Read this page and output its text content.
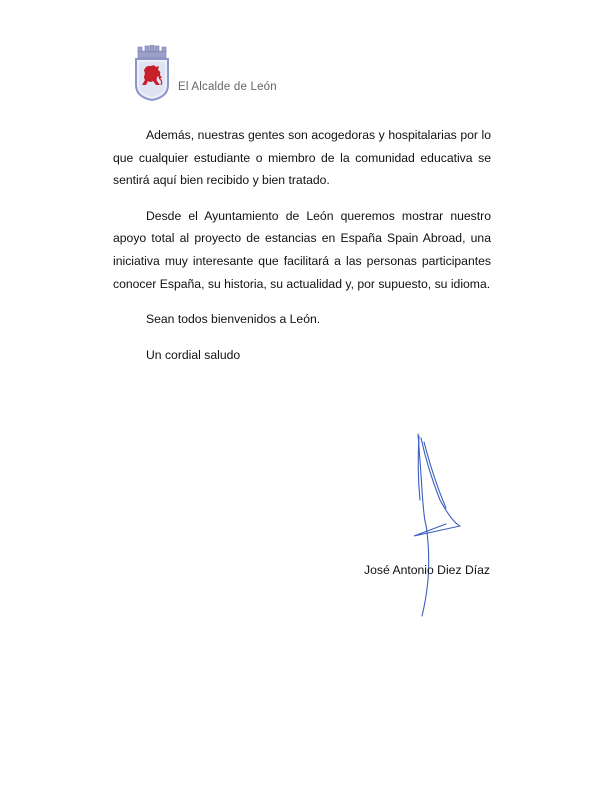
El Alcalde de León

Además, nuestras gentes son acogedoras y hospitalarias por lo que cualquier estudiante o miembro de la comunidad educativa se sentirá aquí bien recibido y bien tratado.

Desde el Ayuntamiento de León queremos mostrar nuestro apoyo total al proyecto de estancias en España Spain Abroad, una iniciativa muy interesante que facilitará a las personas participantes conocer España, su historia, su actualidad y, por supuesto, su idioma.

Sean todos bienvenidos a León.

Un cordial saludo

José Antonio Diez Díaz
